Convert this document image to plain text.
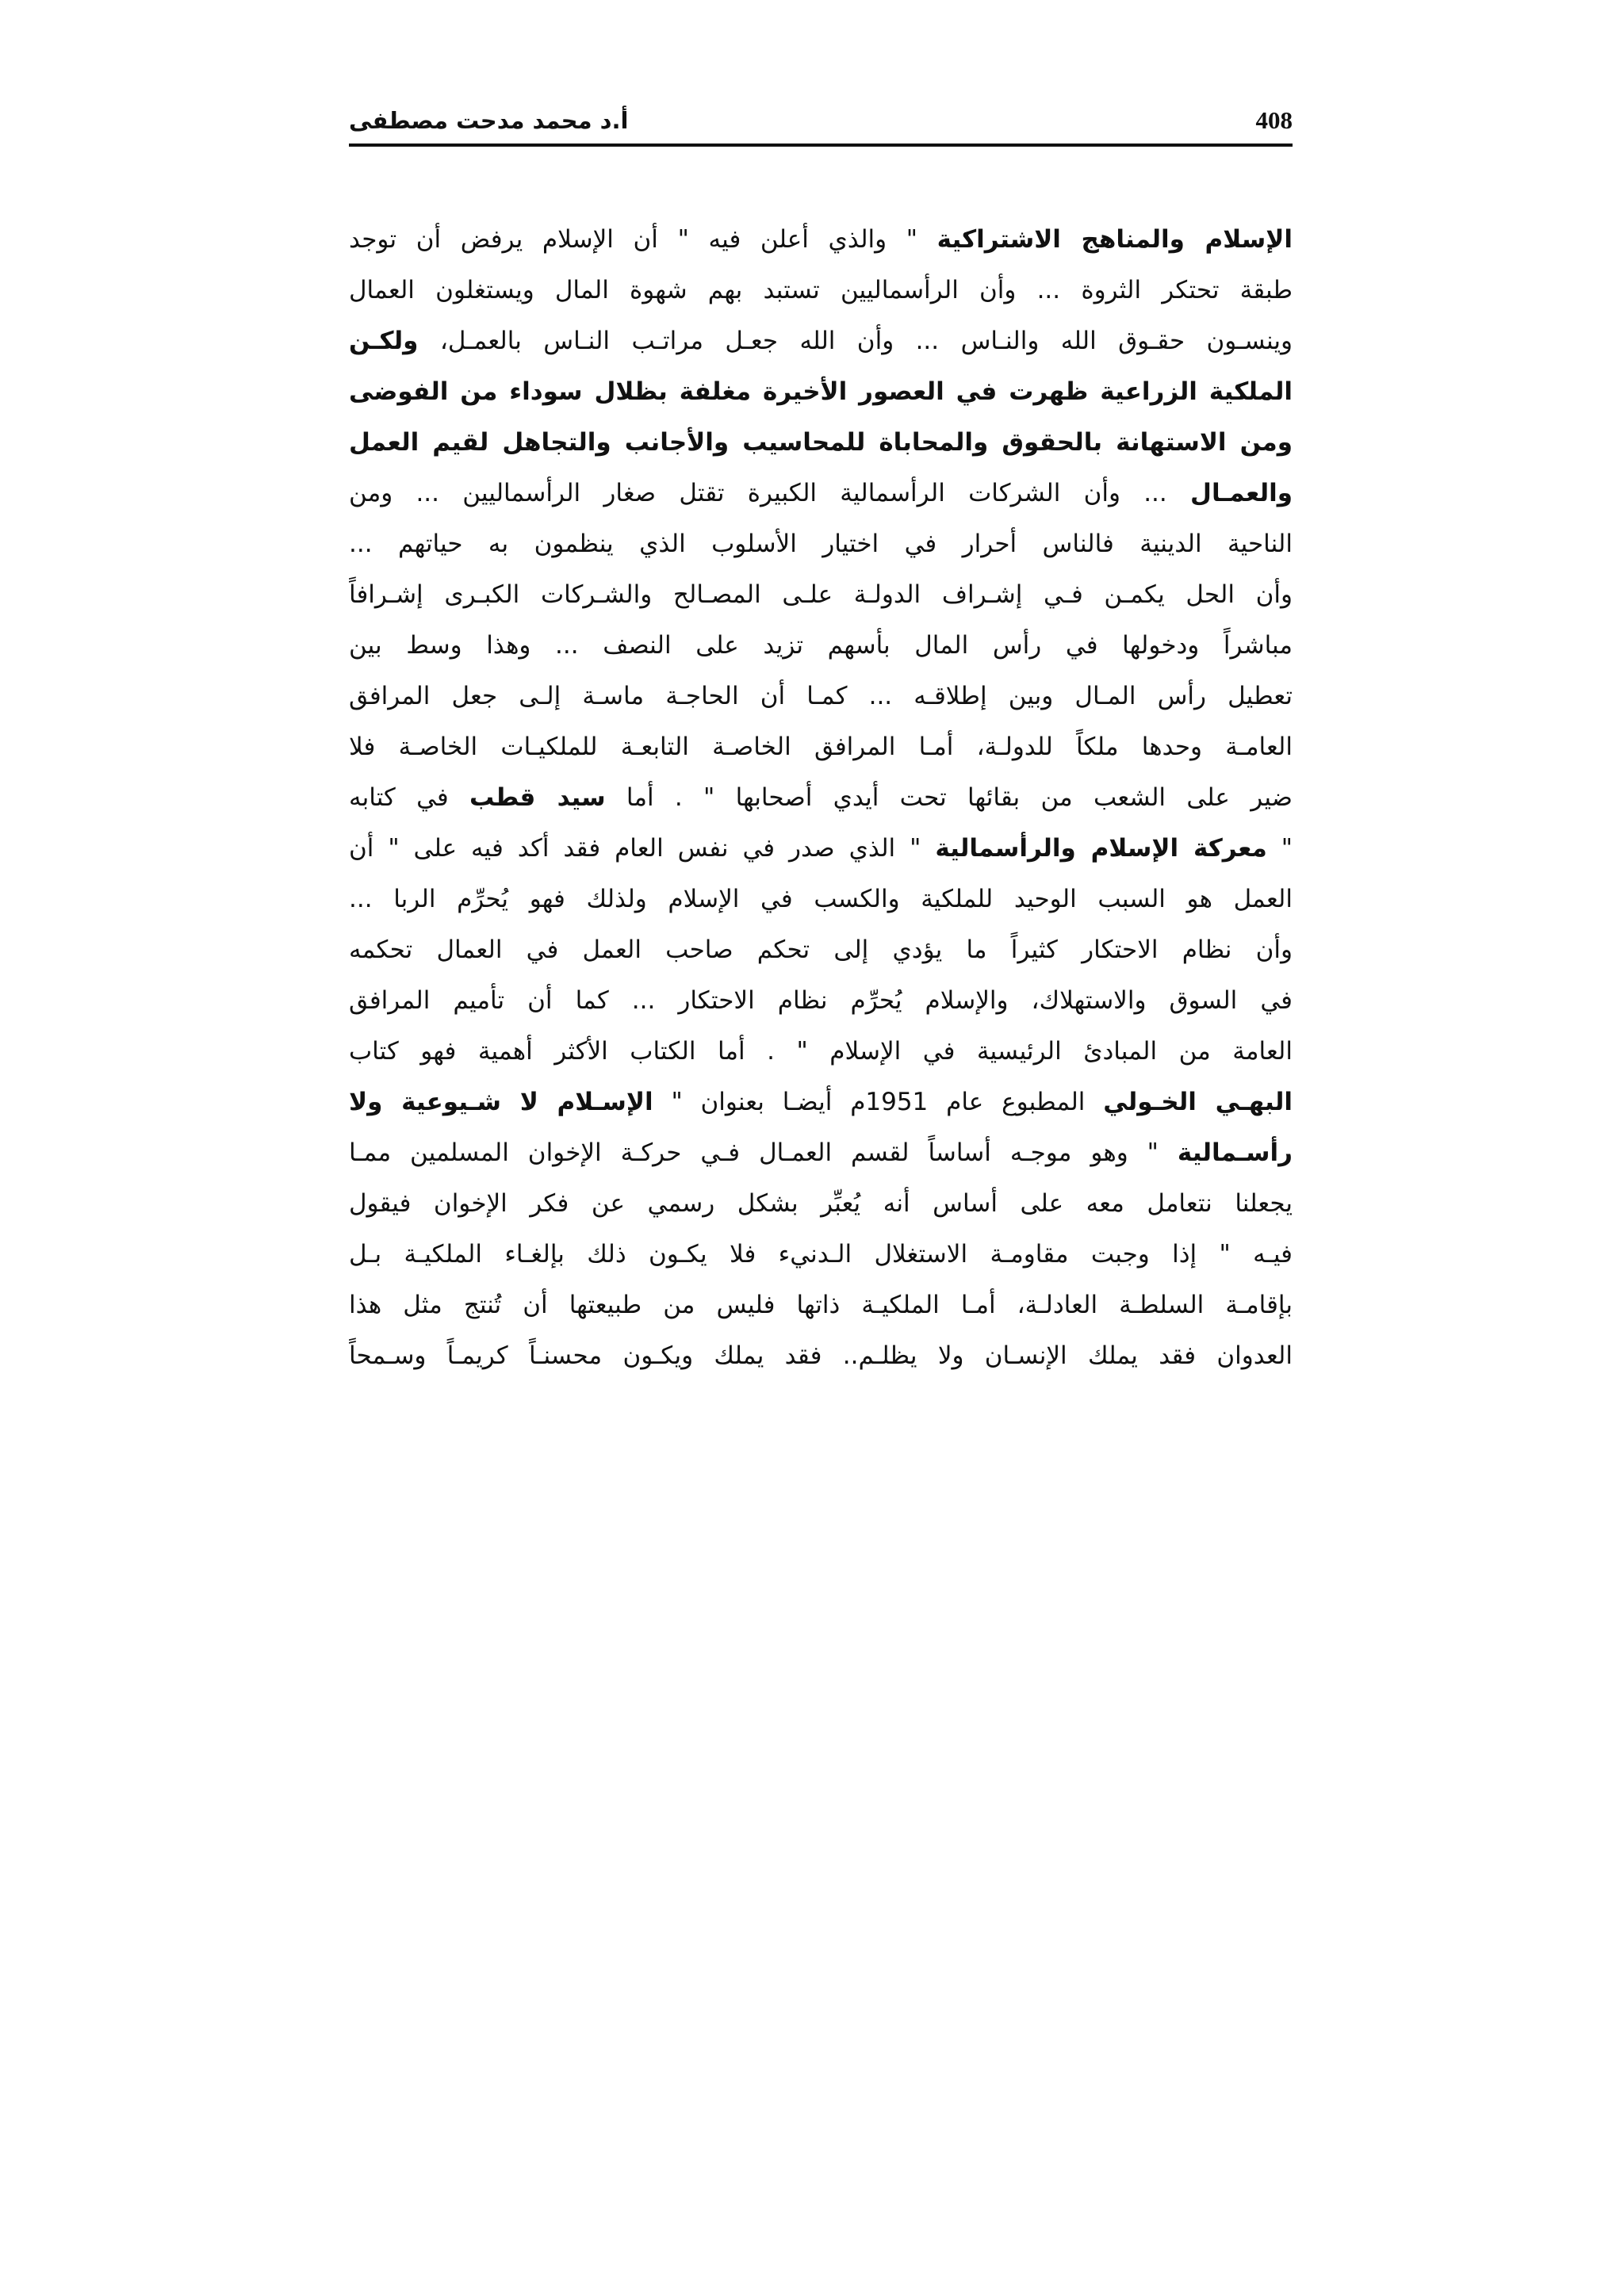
408
أ.د محمد مدحت مصطفى
الإسلام والمناهج الاشتراكية " والذي أعلن فيه " أن الإسلام يرفض أن توجد
طبقة تحتكر الثروة ... وأن الرأسماليين تستبد بهم شهوة المال ويستغلون العمال
وينسـون حقـوق الله والنـاس ... وأن الله جعـل مراتـب النـاس بالعمـل، ولكـن
الملكية الزراعية ظهرت في العصور الأخيرة مغلفة بظلال سوداء من الفوضى
ومن الاستهانة بالحقوق والمحاباة للمحاسيب والأجانب والتجاهل لقيم العمل
والعمـال ... وأن الشركات الرأسمالية الكبيرة تقتل صغار الرأسماليين ... ومن
الناحية الدينية فالناس أحرار في اختيار الأسلوب الذي ينظمون به حياتهم ...
وأن الحل يكمـن فـي إشـراف الدولـة علـى المصـالح والشـركات الكبـرى إشـرافاً
مباشراً ودخولها في رأس المال بأسهم تزيد على النصف ... وهذا وسط بين
تعطيل رأس المـال وبين إطلاقـه ... كمـا أن الحاجـة ماسـة إلـى جعل المرافق
العامـة وحدها ملكاً للدولـة، أمـا المرافق الخاصـة التابعـة للملكيـات الخاصـة فلا
ضير على الشعب من بقائها تحت أيدي أصحابها " . أما سيد قطب في كتابه
" معركة الإسلام والرأسمالية " الذي صدر في نفس العام فقد أكد فيه على " أن
العمل هو السبب الوحيد للملكية والكسب في الإسلام ولذلك فهو يُحرِّم الربا ...
وأن نظام الاحتكار كثيراً ما يؤدي إلى تحكم صاحب العمل في العمال تحكمه
في السوق والاستهلاك، والإسلام يُحرِّم نظام الاحتكار ... كما أن تأميم المرافق
العامة من المبادئ الرئيسية في الإسلام " . أما الكتاب الأكثر أهمية فهو كتاب
البهـي الخـولي المطبوع عام 1951م أيضـا بعنوان " الإسـلام لا شـيوعية ولا
رأسـمالية " وهو موجـه أساساً لقسم العمـال فـي حركـة الإخوان المسلمين ممـا
يجعلنا نتعامل معه على أساس أنه يُعبِّر بشكل رسمي عن فكر الإخوان فيقول
فيـه " إذا وجبت مقاومـة الاستغلال الـدنيء فلا يكـون ذلك بإلغـاء الملكيـة بـل
بإقامـة السلطـة العادلـة، أمـا الملكيـة ذاتها فليس من طبيعتها أن تُنتج مثل هذا
العدوان فقد يملك الإنسـان ولا يظلـم.. فقد يملك ويكـون محسنـاً كريمـاً وسـمحاً
